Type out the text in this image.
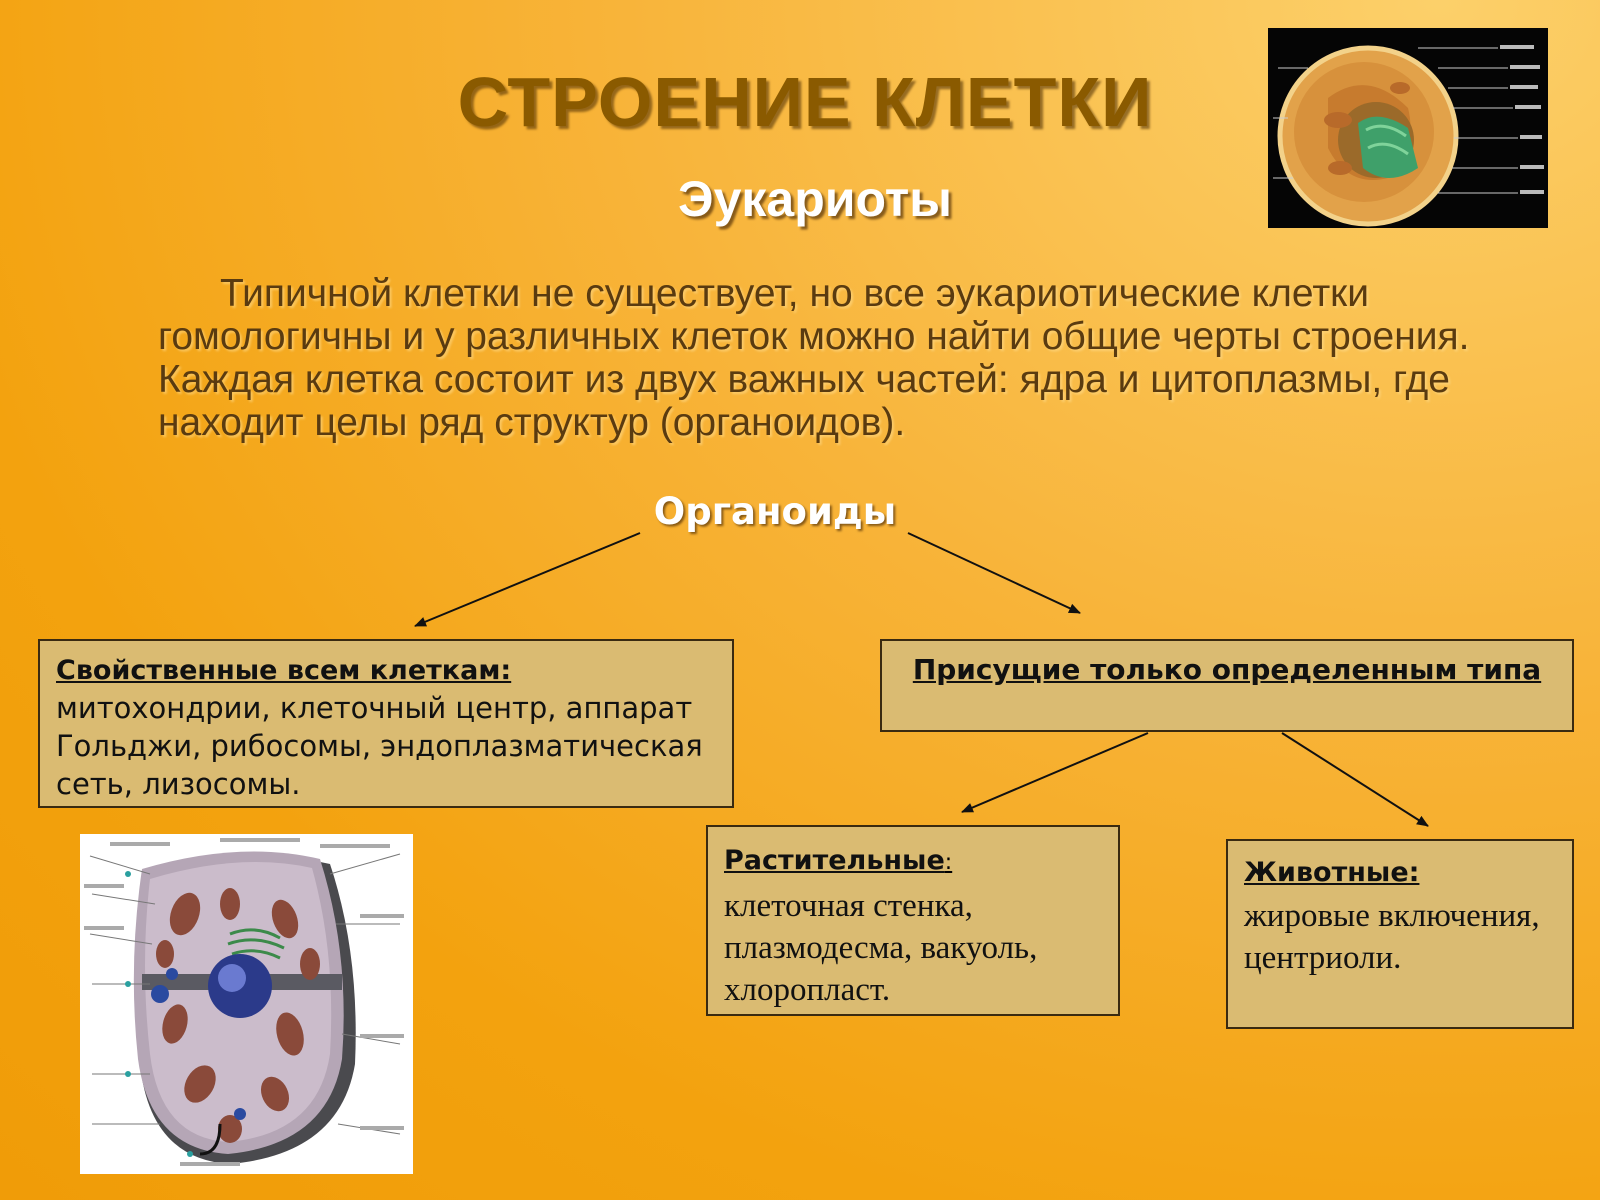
СТРОЕНИЕ КЛЕТКИ
Эукариоты
Типичной клетки не существует, но все эукариотические клетки гомологичны и у различных клеток можно найти общие черты строения. Каждая клетка состоит из двух важных частей: ядра и цитоплазмы, где находит целы ряд структур (органоидов).
Органоиды
Свойственные всем клеткам:
митохондрии, клеточный центр, аппарат Гольджи, рибосомы, эндоплазматическая сеть, лизосомы.
Присущие только определенным типа
Растительные:
клеточная стенка, плазмодесма, вакуоль, хлоропласт.
Животные:
жировые включения, центриоли.
